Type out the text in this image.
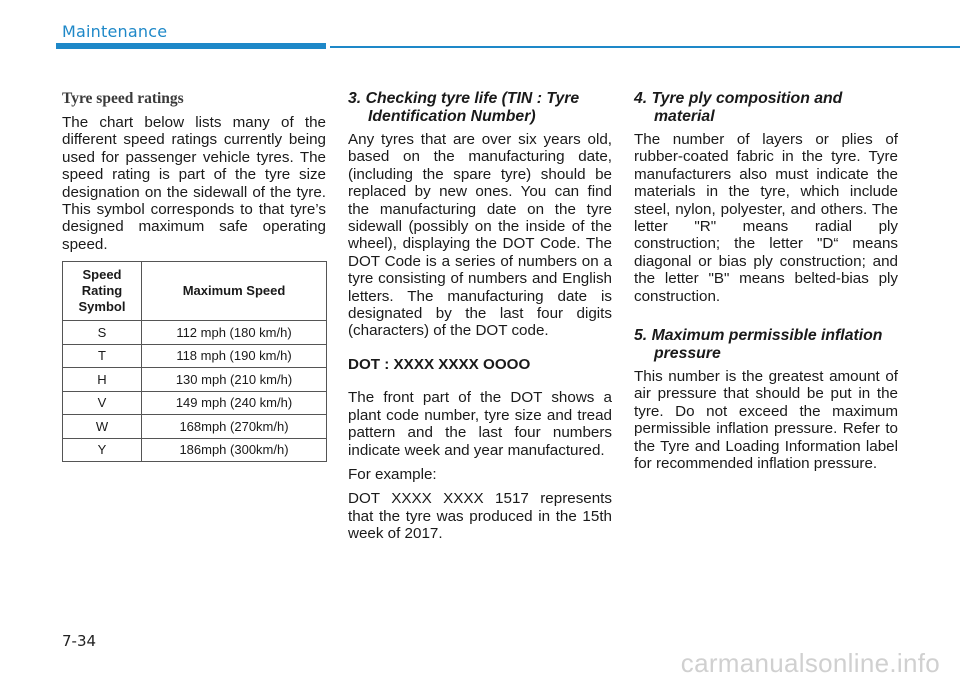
Maintenance
Tyre speed ratings

The chart below lists many of the different speed ratings currently being used for passenger vehicle tyres. The speed rating is part of the tyre size designation on the sidewall of the tyre. This symbol corresponds to that tyre’s designed maximum safe operating speed.

Speed Rating Symbol	Maximum Speed
S	112 mph (180 km/h)
T	118 mph (190 km/h)
H	130 mph (210 km/h)
V	149 mph (240 km/h)
W	168mph (270km/h)
Y	186mph (300km/h)
3. Checking tyre life (TIN : Tyre Identification Number)

Any tyres that are over six years old, based on the manufacturing date, (including the spare tyre) should be replaced by new ones. You can find the manufacturing date on the tyre sidewall (possibly on the inside of the wheel), displaying the DOT Code. The DOT Code is a series of numbers on a tyre consisting of numbers and English letters. The manufacturing date is designated by the last four digits (characters) of the DOT code.

DOT : XXXX XXXX OOOO

The front part of the DOT shows a plant code number, tyre size and tread pattern and the last four numbers indicate week and year manufactured.

For example:

DOT XXXX XXXX 1517 represents that the tyre was produced in the 15th week of 2017.

4. Tyre ply composition and material

The number of layers or plies of rubber-coated fabric in the tyre. Tyre manufacturers also must indicate the materials in the tyre, which include steel, nylon, polyester, and others. The letter "R" means radial ply construction; the letter "D“ means diagonal or bias ply construction; and the letter "B" means belted-bias ply construction.

5. Maximum permissible inflation pressure

This number is the greatest amount of air pressure that should be put in the tyre. Do not exceed the maximum permissible inflation pressure. Refer to the Tyre and Loading Information label for recommended inflation pressure.

7-34
carmanualsonline.info
